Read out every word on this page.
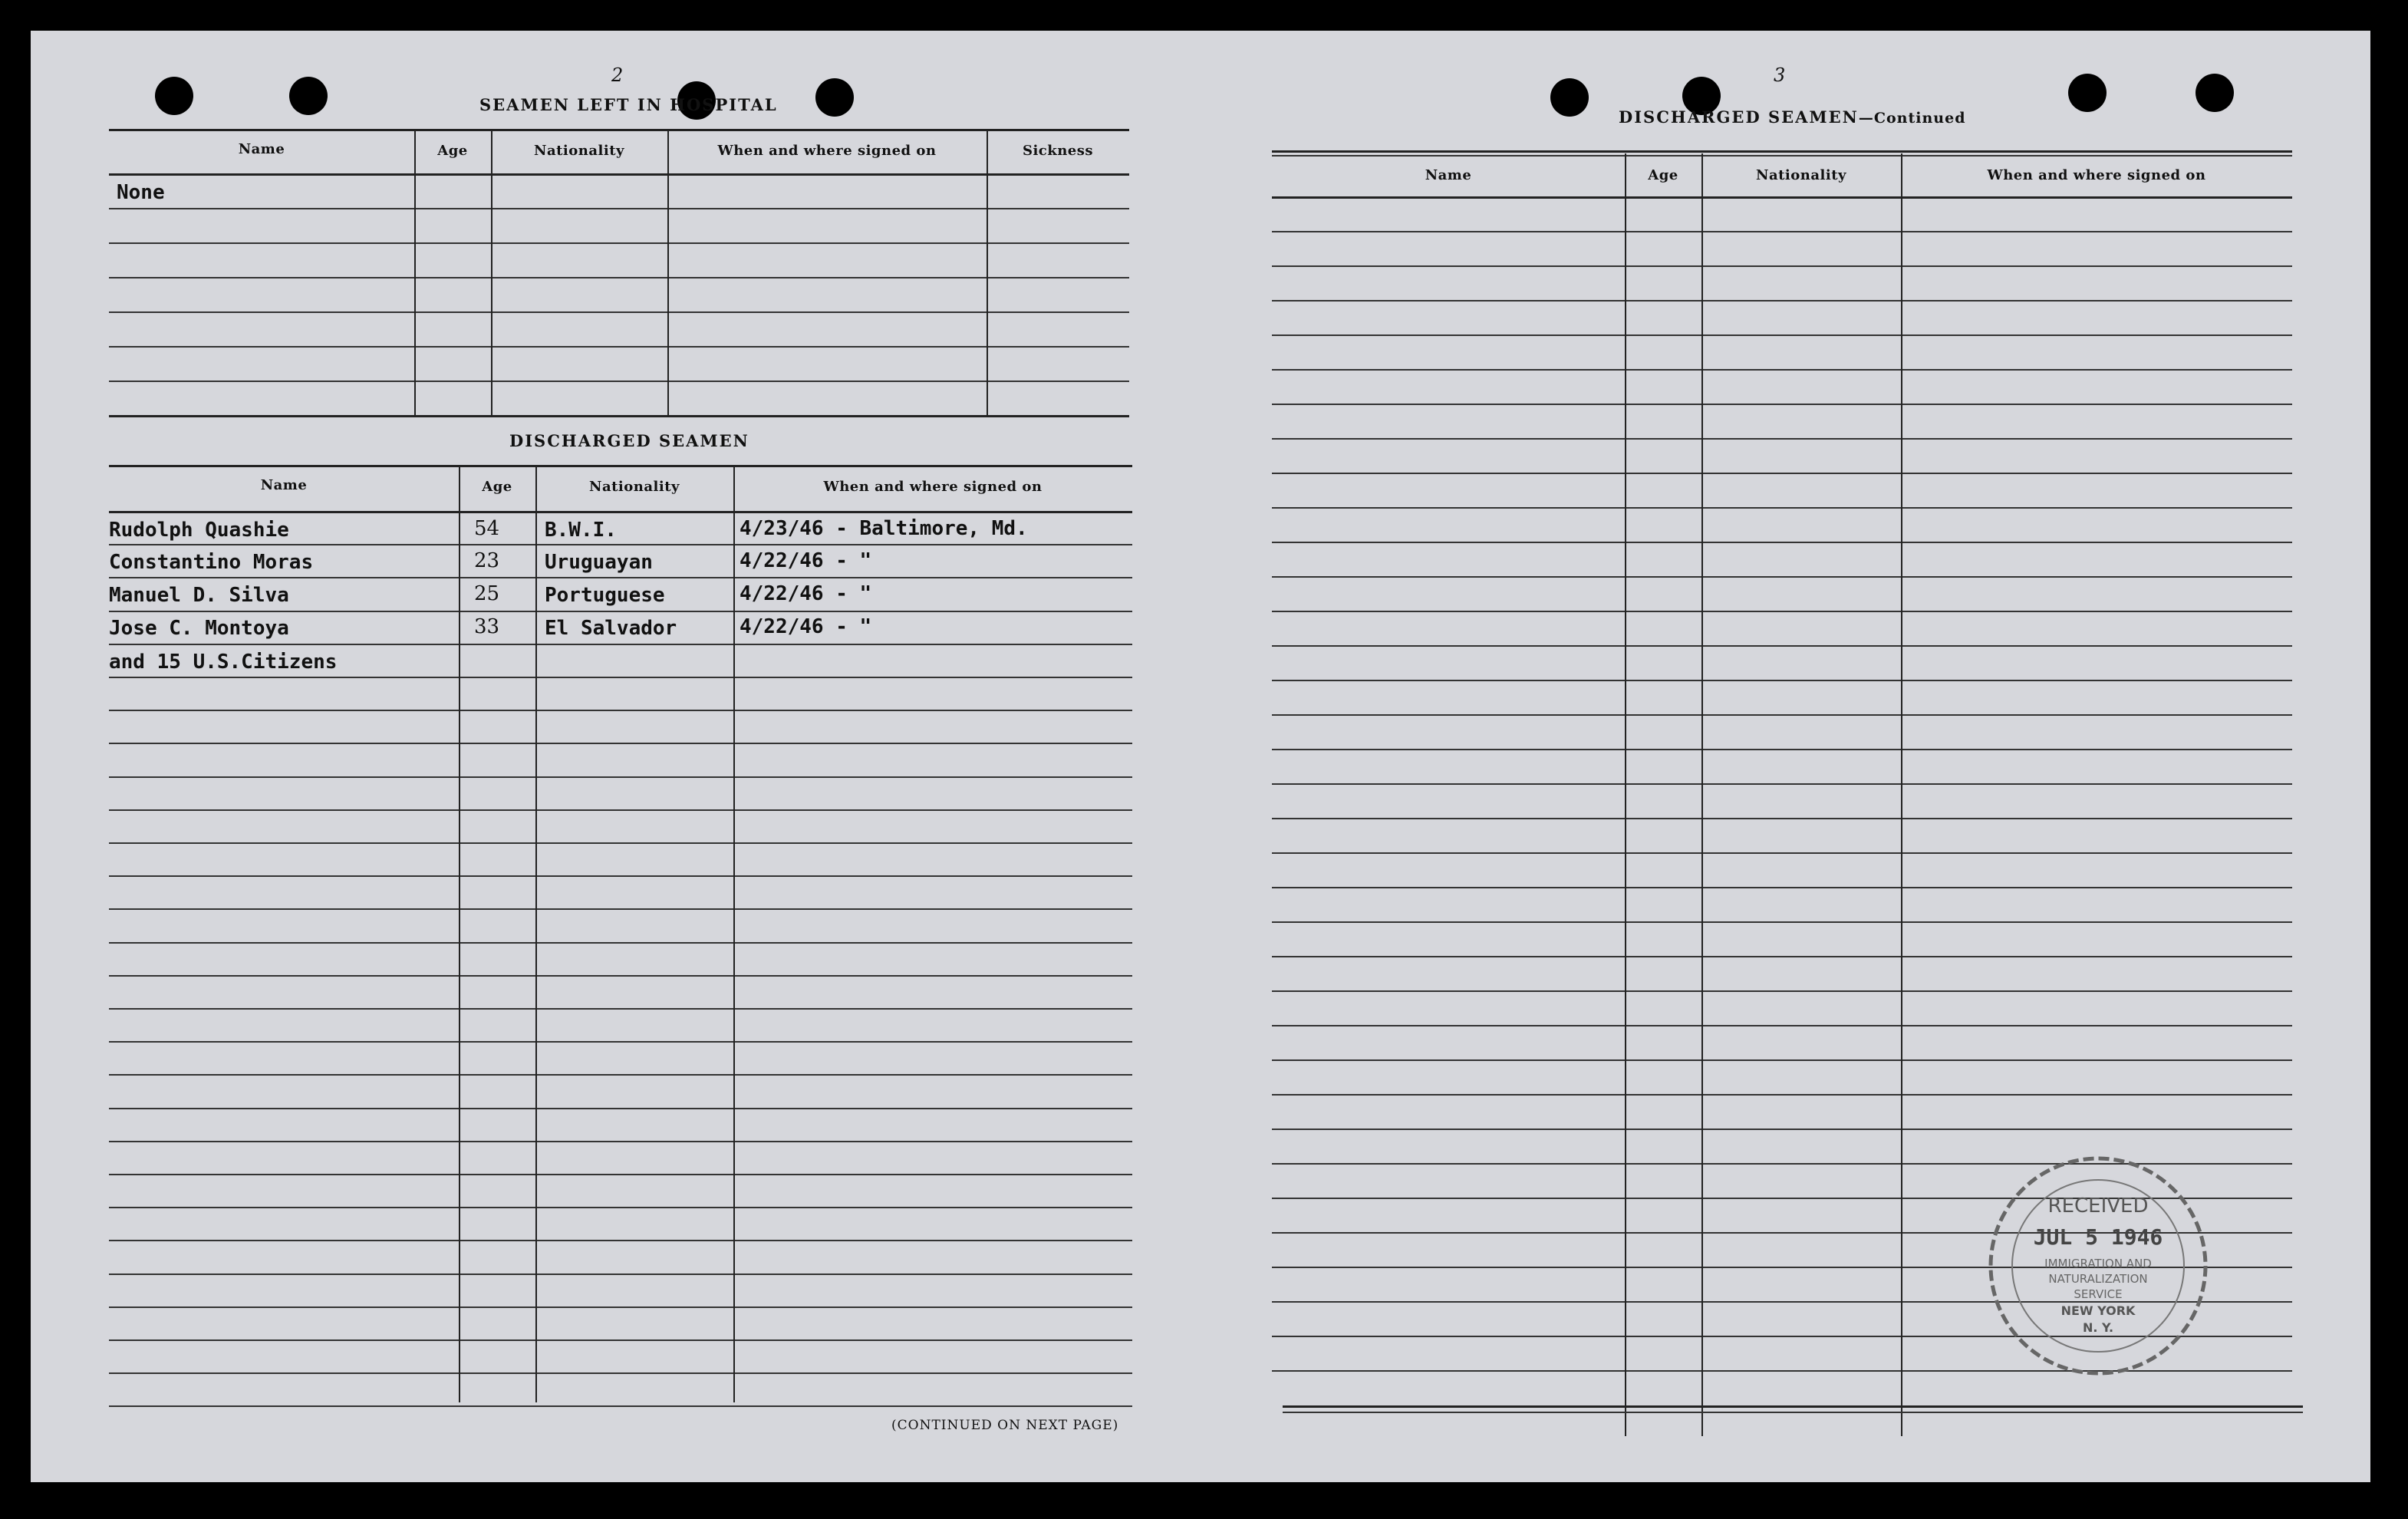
2
SEAMEN LEFT IN HOSPITAL
Name	Age	Nationality	When and where signed on	Sickness
None
DISCHARGED SEAMEN
Name	Age	Nationality	When and where signed on
Rudolph Quashie	54 B.W.I.	4/23/46 - Baltimore, Md.
Constantino Moras	23 Uruguayan	4/22/46 - "
Manuel D. Silva	25 Portuguese	4/22/46 - "
Jose C. Montoya	33 El Salvador	4/22/46 - "
and 15 U.S.Citizens
(CONTINUED ON NEXT PAGE)
3
DISCHARGED SEAMEN—Continued
Name	Age	Nationality	When and where signed on
RECEIVED
JUL 5 1946
IMMIGRATION AND
NATURALIZATION
SERVICE
NEW YORK
N. Y.
